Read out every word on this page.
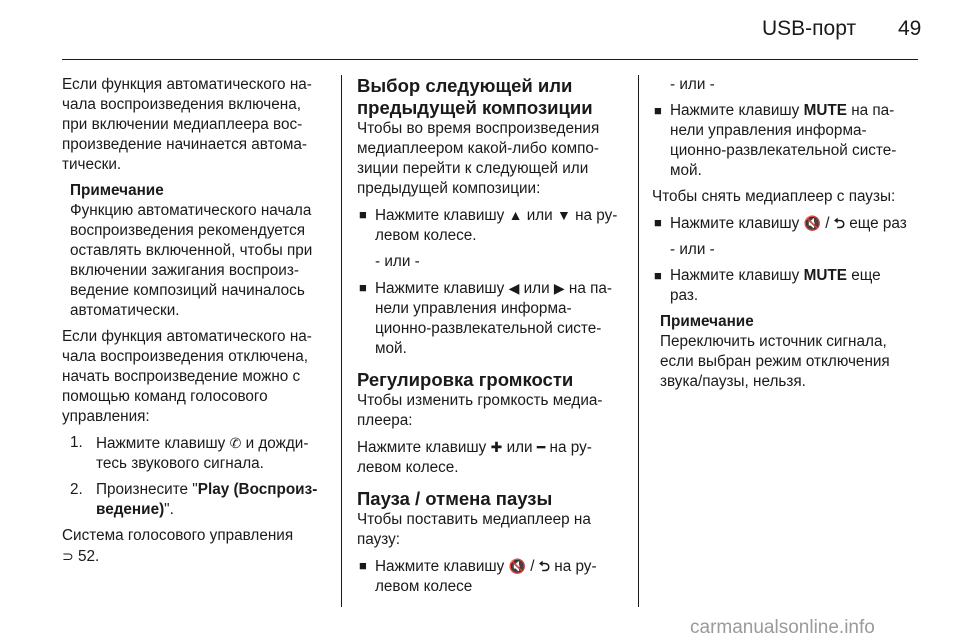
USB-порт 49
Если функция автоматического на-
чала воспроизведения включена,
при включении медиаплеера вос-
произведение начинается автома-
тически.
Примечание
Функцию автоматического начала
воспроизведения рекомендуется
оставлять включенной, чтобы при
включении зажигания воспроиз-
ведение композиций начиналось
автоматически.
Если функция автоматического на-
чала воспроизведения отключена,
начать воспроизведение можно с
помощью команд голосового
управления:
1. Нажмите клавишу ✆ и дожди-
тесь звукового сигнала.
2. Произнесите "Play (Воспроиз-
ведение)".
Система голосового управления
⊃ 52.
Выбор следующей или
предыдущей композиции
Чтобы во время воспроизведения
медиаплеером какой-либо компо-
зиции перейти к следующей или
предыдущей композиции:
■ Нажмите клавишу ▲ или ▼ на ру-
левом колесе.
- или -
■ Нажмите клавишу ◀ или ▶ на па-
нели управления информа-
ционно-развлекательной систе-
мой.
Регулировка громкости
Чтобы изменить громкость медиа-
плеера:
Нажмите клавишу ✚ или ━ на ру-
левом колесе.
Пауза / отмена паузы
Чтобы поставить медиаплеер на
паузу:
■ Нажмите клавишу 🔇 / ⮌ на ру-
левом колесе
- или -
■ Нажмите клавишу MUTE на па-
нели управления информа-
ционно-развлекательной систе-
мой.
Чтобы снять медиаплеер с паузы:
■ Нажмите клавишу 🔇 / ⮌ еще раз
- или -
■ Нажмите клавишу MUTE еще
раз.
Примечание
Переключить источник сигнала,
если выбран режим отключения
звука/паузы, нельзя.
carmanualsonline.info
